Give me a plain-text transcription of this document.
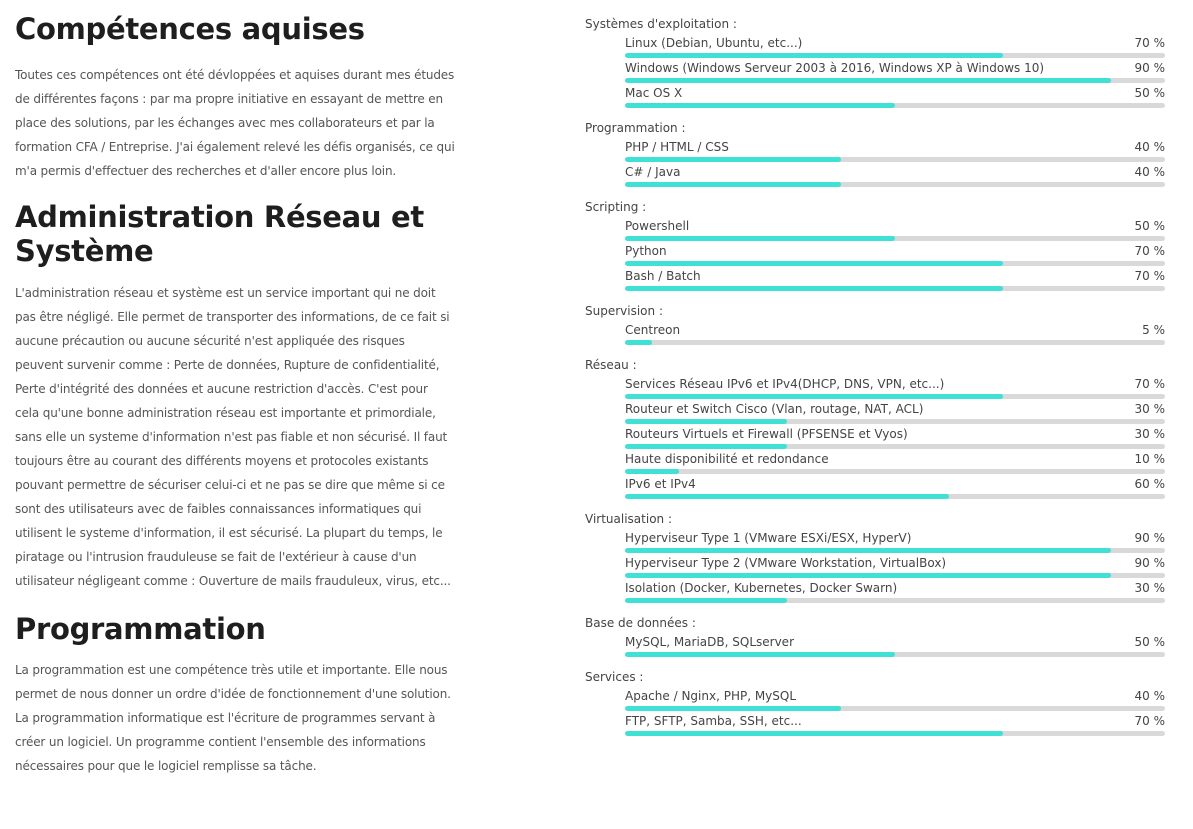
Compétences aquises

Toutes ces compétences ont été dévloppées et aquises durant mes études de différentes façons : par ma propre initiative en essayant de mettre en place des solutions, par les échanges avec mes collaborateurs et par la formation CFA / Entreprise. J'ai également relevé les défis organisés, ce qui m'a permis d'effectuer des recherches et d'aller encore plus loin.

Administration Réseau et Système

L'administration réseau et système est un service important qui ne doit pas être négligé. Elle permet de transporter des informations, de ce fait si aucune précaution ou aucune sécurité n'est appliquée des risques peuvent survenir comme : Perte de données, Rupture de confidentialité, Perte d'intégrité des données et aucune restriction d'accès. C'est pour cela qu'une bonne administration réseau est importante et primordiale, sans elle un systeme d'information n'est pas fiable et non sécurisé. Il faut toujours être au courant des différents moyens et protocoles existants pouvant permettre de sécuriser celui-ci et ne pas se dire que même si ce sont des utilisateurs avec de faibles connaissances informatiques qui utilisent le systeme d'information, il est sécurisé. La plupart du temps, le piratage ou l'intrusion frauduleuse se fait de l'extérieur à cause d'un utilisateur négligeant comme : Ouverture de mails frauduleux, virus, etc...

Programmation

La programmation est une compétence très utile et importante. Elle nous permet de nous donner un ordre d'idée de fonctionnement d'une solution. La programmation informatique est l'écriture de programmes servant à créer un logiciel. Un programme contient l'ensemble des informations nécessaires pour que le logiciel remplisse sa tâche.

Systèmes d'exploitation :
Linux (Debian, Ubuntu, etc...)	70 %
Windows (Windows Serveur 2003 à 2016, Windows XP à Windows 10)	90 %
Mac OS X	50 %
Programmation :
PHP / HTML / CSS	40 %
C# / Java	40 %
Scripting :
Powershell	50 %
Python	70 %
Bash / Batch	70 %
Supervision :
Centreon	5 %
Réseau :
Services Réseau IPv6 et IPv4(DHCP, DNS, VPN, etc...)	70 %
Routeur et Switch Cisco (Vlan, routage, NAT, ACL)	30 %
Routeurs Virtuels et Firewall (PFSENSE et Vyos)	30 %
Haute disponibilité et redondance	10 %
IPv6 et IPv4	60 %
Virtualisation :
Hyperviseur Type 1 (VMware ESXi/ESX, HyperV)	90 %
Hyperviseur Type 2 (VMware Workstation, VirtualBox)	90 %
Isolation (Docker, Kubernetes, Docker Swarn)	30 %
Base de données :
MySQL, MariaDB, SQLserver	50 %
Services :
Apache / Nginx, PHP, MySQL	40 %
FTP, SFTP, Samba, SSH, etc...	70 %
